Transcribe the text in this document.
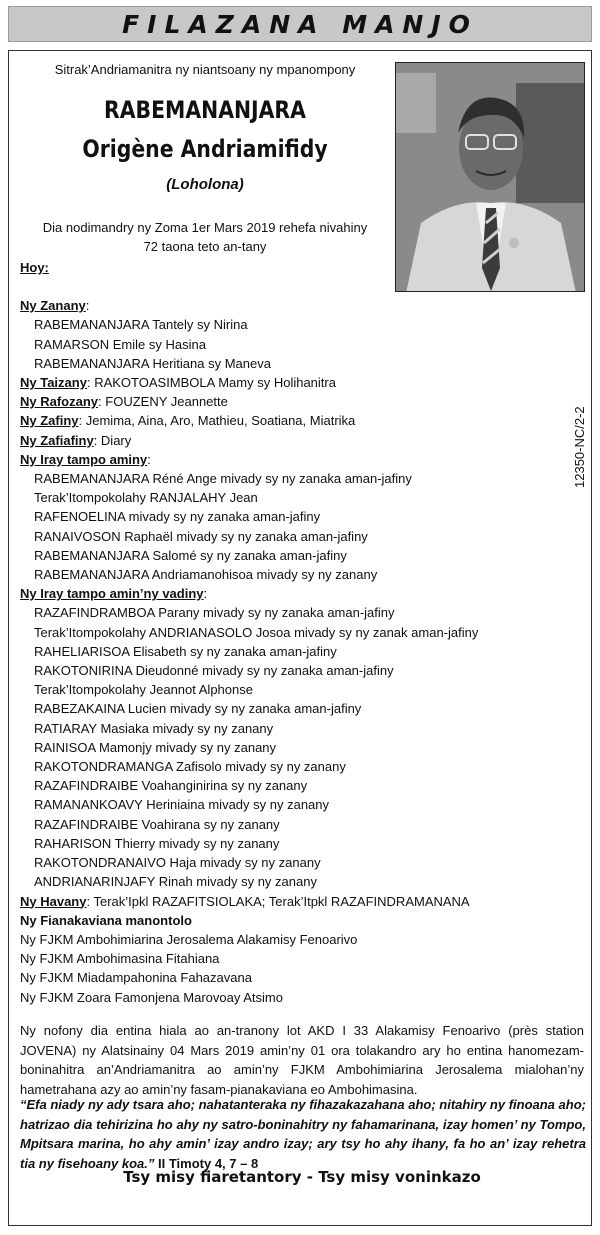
FILAZANA MANJO
Sitrak’Andriamanitra ny niantsoany ny mpanompony
RABEMANANJARA
Origène Andriamifidy
(Loholona)
Dia nodimandry ny Zoma 1er Mars 2019 rehefa nivahiny
72 taona teto an-tany
Hoy:
Ny Zanany:
RABEMANANJARA Tantely sy Nirina
RAMARSON Emile sy Hasina
RABEMANANJARA Heritiana sy Maneva
Ny Taizany: RAKOTOASIMBOLA Mamy sy Holihanitra
Ny Rafozany: FOUZENY Jeannette
Ny Zafiny: Jemima, Aina, Aro, Mathieu, Soatiana, Miatrika
Ny Zafiafiny: Diary
Ny Iray tampo aminy:
RABEMANANJARA Réné Ange mivady sy ny zanaka aman-jafiny
Terak’Itompokolahy RANJALAHY Jean
RAFENOELINA mivady sy ny zanaka aman-jafiny
RANAIVOSON Raphaël mivady sy ny zanaka aman-jafiny
RABEMANANJARA Salomé sy ny zanaka aman-jafiny
RABEMANANJARA Andriamanohisoa mivady sy ny zanany
Ny Iray tampo amin’ny vadiny:
RAZAFINDRAMBOA Parany mivady sy ny zanaka aman-jafiny
Terak’Itompokolahy ANDRIANASOLO Josoa mivady sy ny zanak aman-jafiny
RAHELIARISOA Elisabeth sy ny zanaka aman-jafiny
RAKOTONIRINA Dieudonné mivady sy ny zanaka aman-jafiny
Terak’Itompokolahy Jeannot Alphonse
RABEZAKAINA Lucien mivady sy ny zanaka aman-jafiny
RATIARAY Masiaka mivady sy ny zanany
RAINISOA Mamonjy mivady sy ny zanany
RAKOTONDRAMANGA Zafisolo mivady sy ny zanany
RAZAFINDRAIBE Voahanginirina sy ny zanany
RAMANANKOAVY Heriniaina mivady sy ny zanany
RAZAFINDRAIBE Voahirana sy ny zanany
RAHARISON Thierry mivady sy ny zanany
RAKOTONDRANAIVO Haja mivady sy ny zanany
ANDRIANARINJAFY Rinah mivady sy ny zanany
Ny Havany: Terak’Ipkl RAZAFITSIOLAKA; Terak’Itpkl RAZAFINDRAMANANA
Ny Fianakaviana manontolo
Ny FJKM Ambohimiarina Jerosalema Alakamisy Fenoarivo
Ny FJKM Ambohimasina Fitahiana
Ny FJKM Miadampahonina Fahazavana
Ny FJKM Zoara Famonjena Marovoay Atsimo
12350-NC/2-2
Ny nofony dia entina hiala ao an-tranony lot AKD I 33 Alakamisy Fenoarivo (près station JOVENA) ny Alatsinainy 04 Mars 2019 amin’ny 01 ora tolakandro ary ho entina hanomezam-boninahitra an’Andriamanitra ao amin’ny FJKM Ambohimiarina Jerosalema mialohan’ny hametrahana azy ao amin’ny fasam-pianakaviana eo Ambohimasina.
“Efa niady ny ady tsara aho; nahatanteraka ny fihazakazahana aho; nitahiry ny finoana aho; hatrizao dia tehirizina ho ahy ny satro-boninahitry ny fahamarinana, izay homen’ ny Tompo, Mpitsara marina, ho ahy amin’ izay andro izay; ary tsy ho ahy ihany, fa ho an’ izay rehetra tia ny fisehoany koa.” II Timoty 4, 7 – 8
Tsy misy fiaretantory - Tsy misy voninkazo
